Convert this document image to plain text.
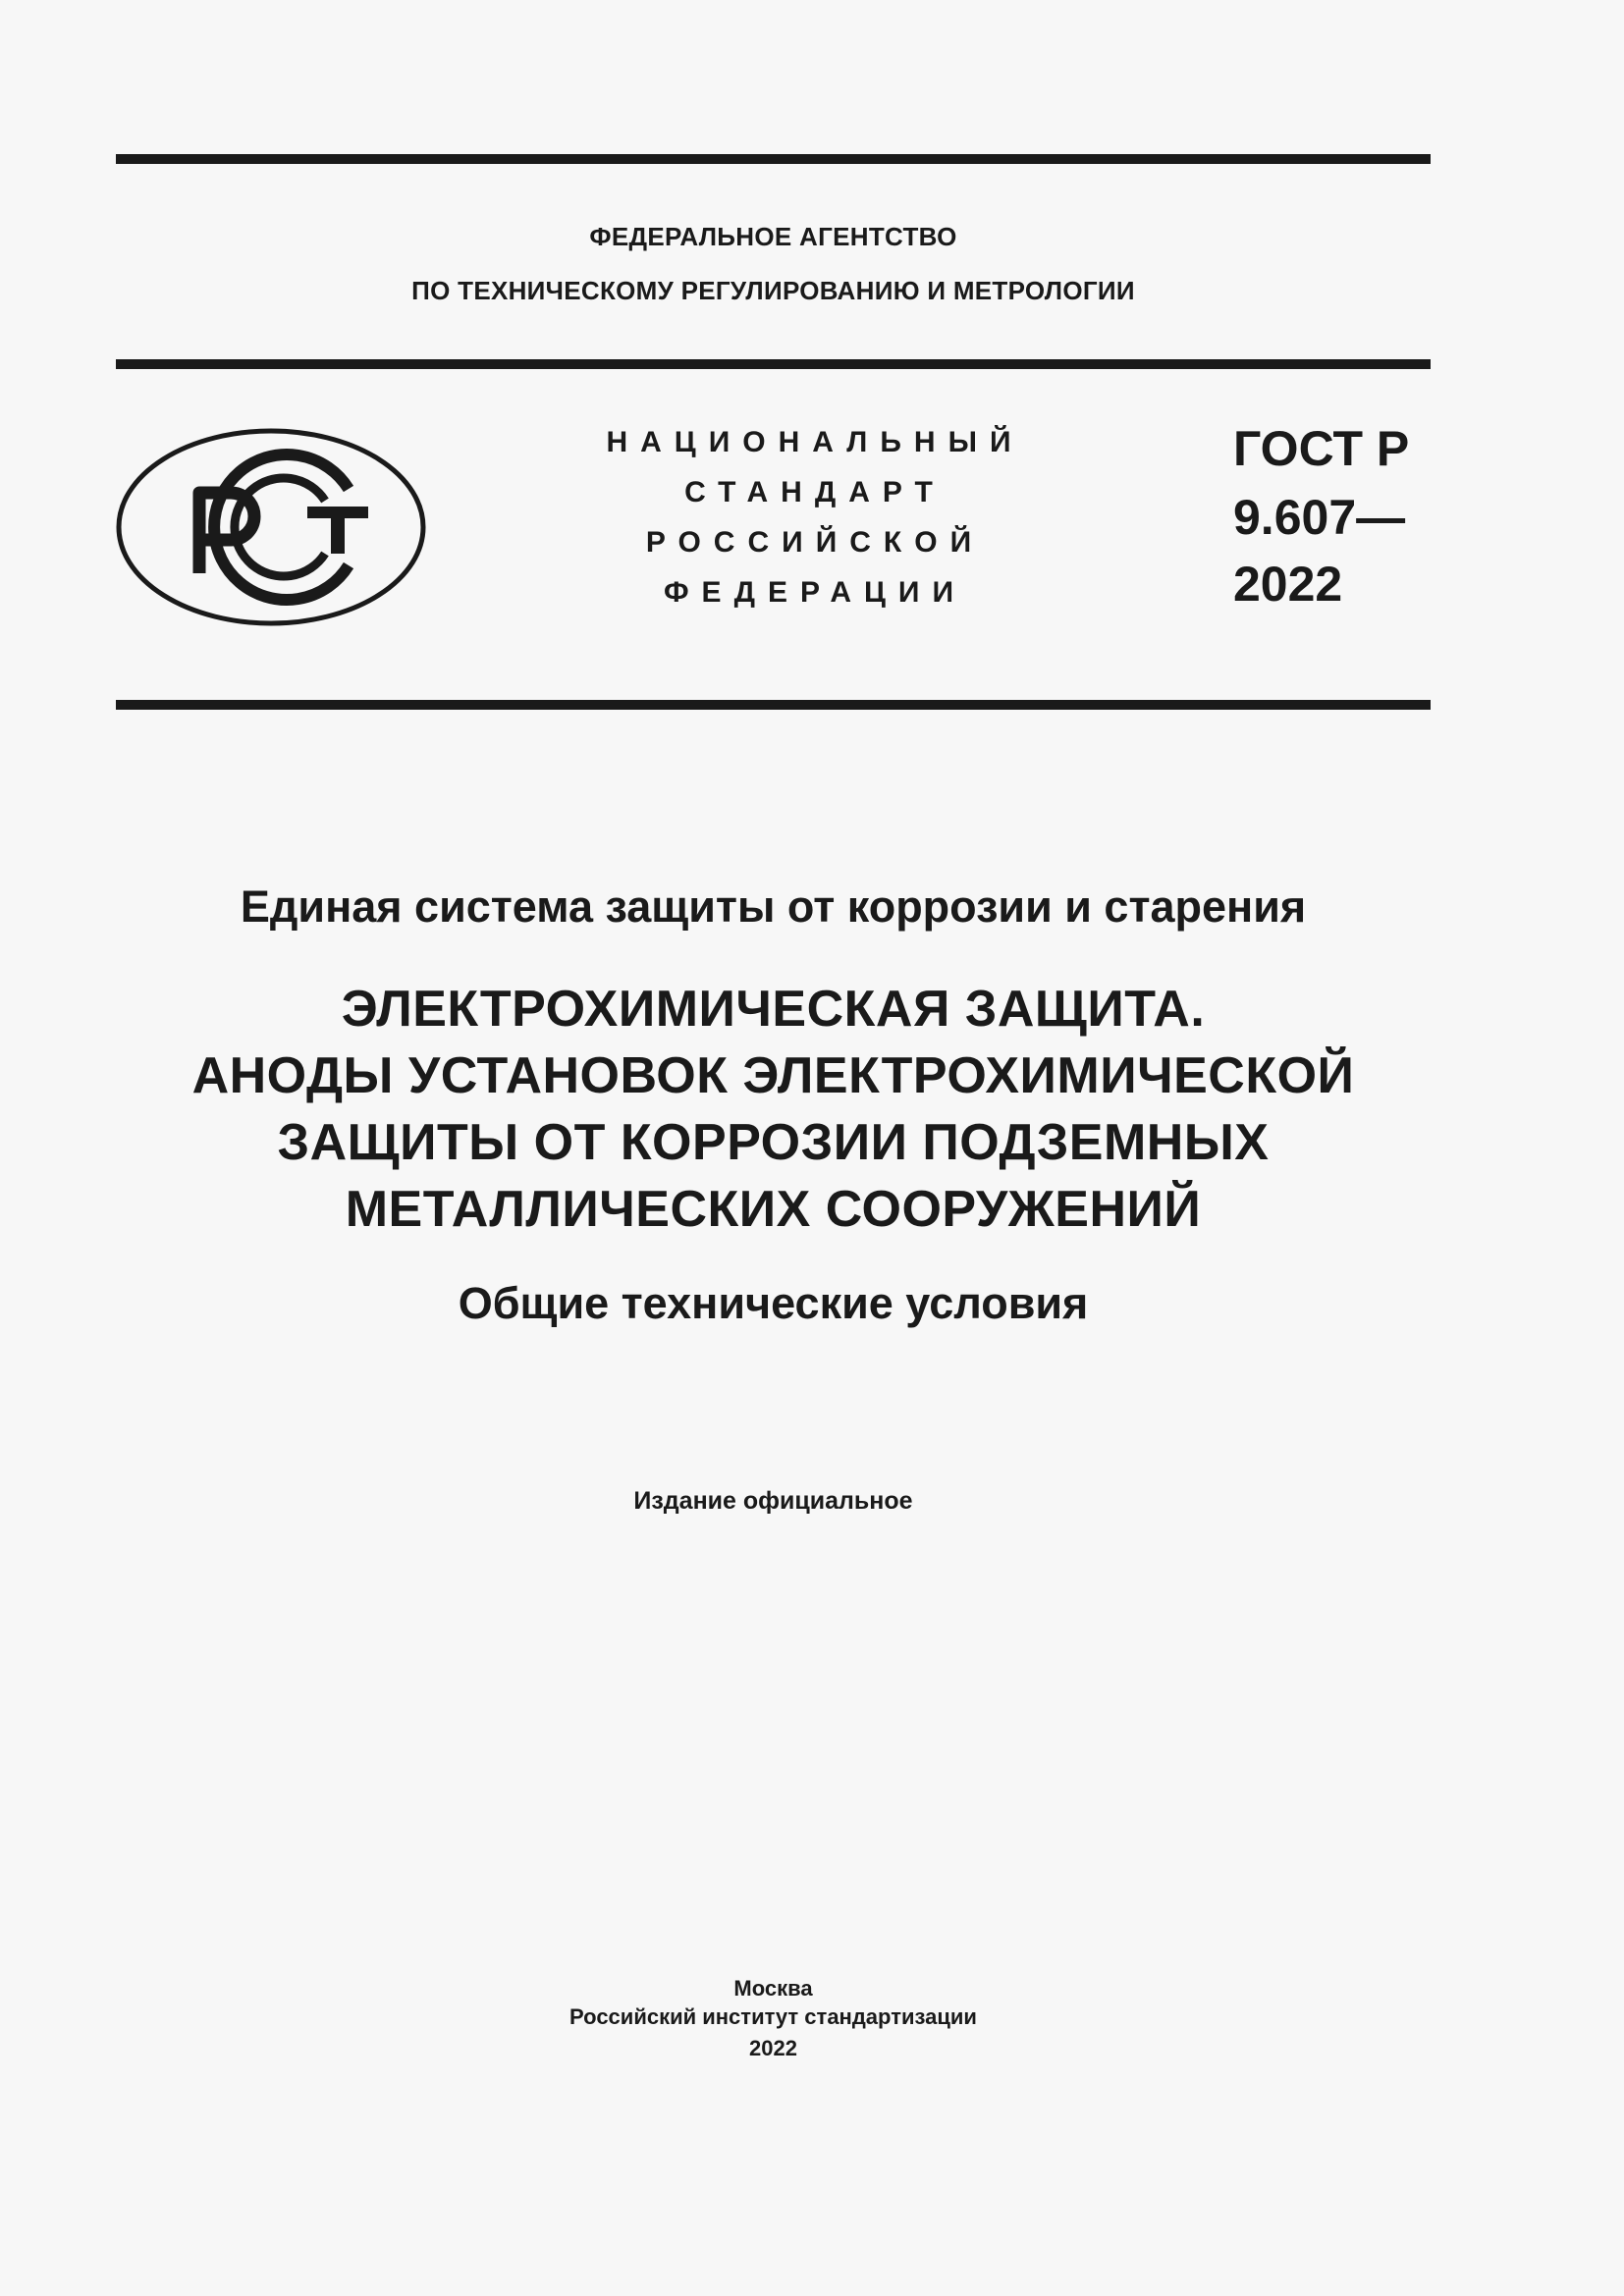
ФЕДЕРАЛЬНОЕ АГЕНТСТВО
ПО ТЕХНИЧЕСКОМУ РЕГУЛИРОВАНИЮ И МЕТРОЛОГИИ
НАЦИОНАЛЬНЫЙ
СТАНДАРТ
РОССИЙСКОЙ
ФЕДЕРАЦИИ
ГОСТ Р
9.607—
2022
Единая система защиты от коррозии и старения
ЭЛЕКТРОХИМИЧЕСКАЯ ЗАЩИТА.
АНОДЫ УСТАНОВОК ЭЛЕКТРОХИМИЧЕСКОЙ
ЗАЩИТЫ ОТ КОРРОЗИИ ПОДЗЕМНЫХ
МЕТАЛЛИЧЕСКИХ СООРУЖЕНИЙ
Общие технические условия
Издание официальное
Москва
Российский институт стандартизации
2022
